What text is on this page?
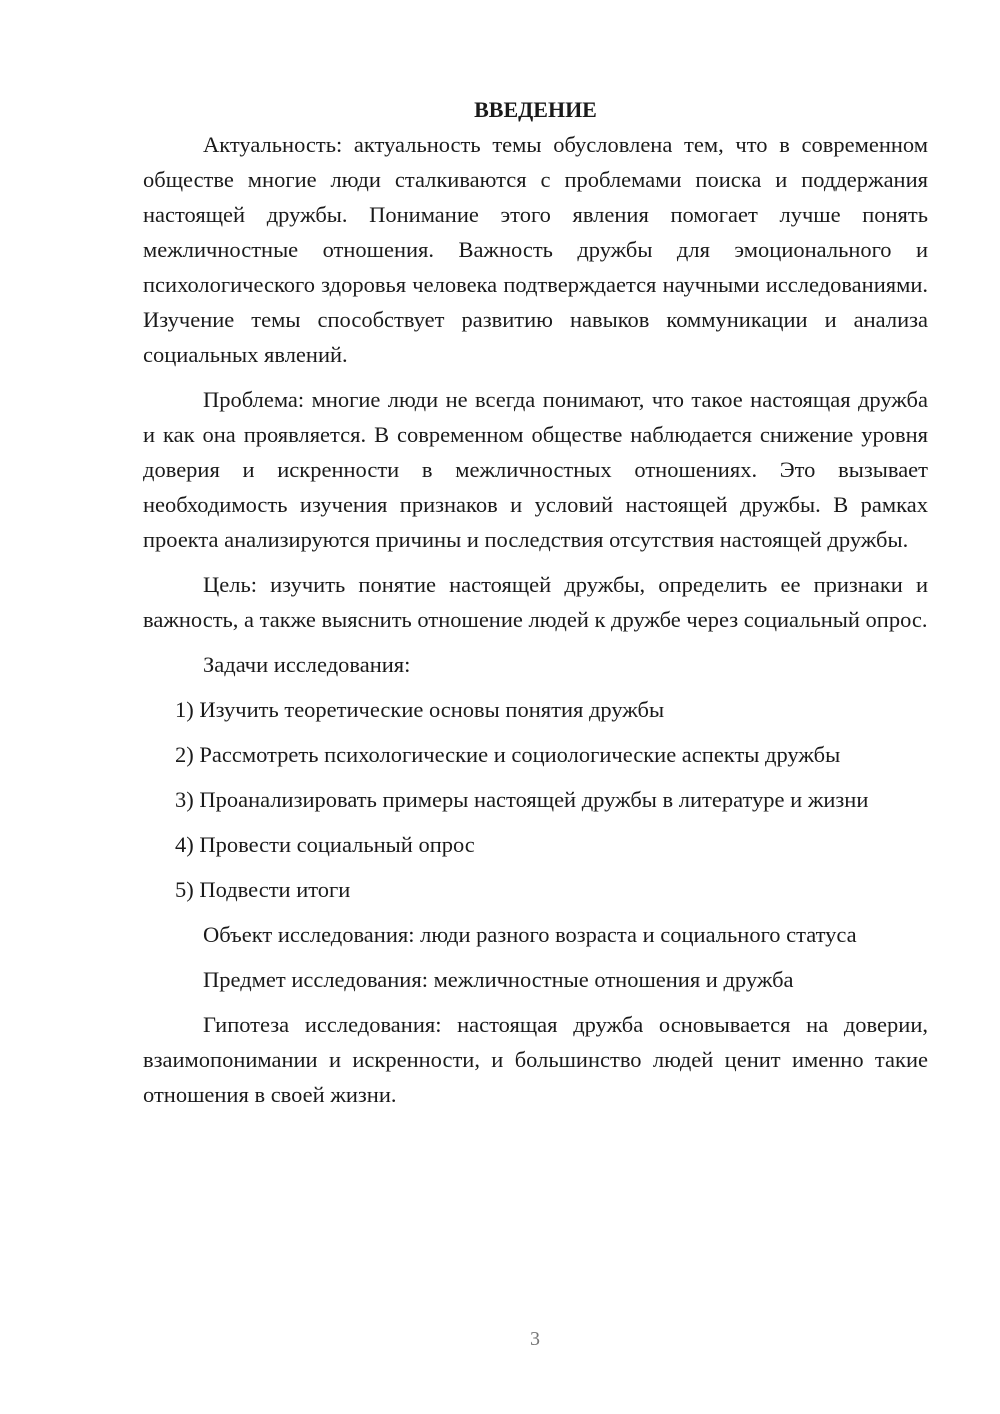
ВВЕДЕНИЕ

Актуальность: актуальность темы обусловлена тем, что в современном обществе многие люди сталкиваются с проблемами поиска и поддержания настоящей дружбы. Понимание этого явления помогает лучше понять межличностные отношения. Важность дружбы для эмоционального и психологического здоровья человека подтверждается научными исследованиями. Изучение темы способствует развитию навыков коммуникации и анализа социальных явлений.

Проблема: многие люди не всегда понимают, что такое настоящая дружба и как она проявляется. В современном обществе наблюдается снижение уровня доверия и искренности в межличностных отношениях. Это вызывает необходимость изучения признаков и условий настоящей дружбы. В рамках проекта анализируются причины и последствия отсутствия настоящей дружбы.

Цель: изучить понятие настоящей дружбы, определить ее признаки и важность, а также выяснить отношение людей к дружбе через социальный опрос.

Задачи исследования:

1) Изучить теоретические основы понятия дружбы

2) Рассмотреть психологические и социологические аспекты дружбы

3) Проанализировать примеры настоящей дружбы в литературе и жизни

4) Провести социальный опрос

5) Подвести итоги

Объект исследования: люди разного возраста и социального статуса

Предмет исследования: межличностные отношения и дружба

Гипотеза исследования: настоящая дружба основывается на доверии, взаимопонимании и искренности, и большинство людей ценит именно такие отношения в своей жизни.

3
